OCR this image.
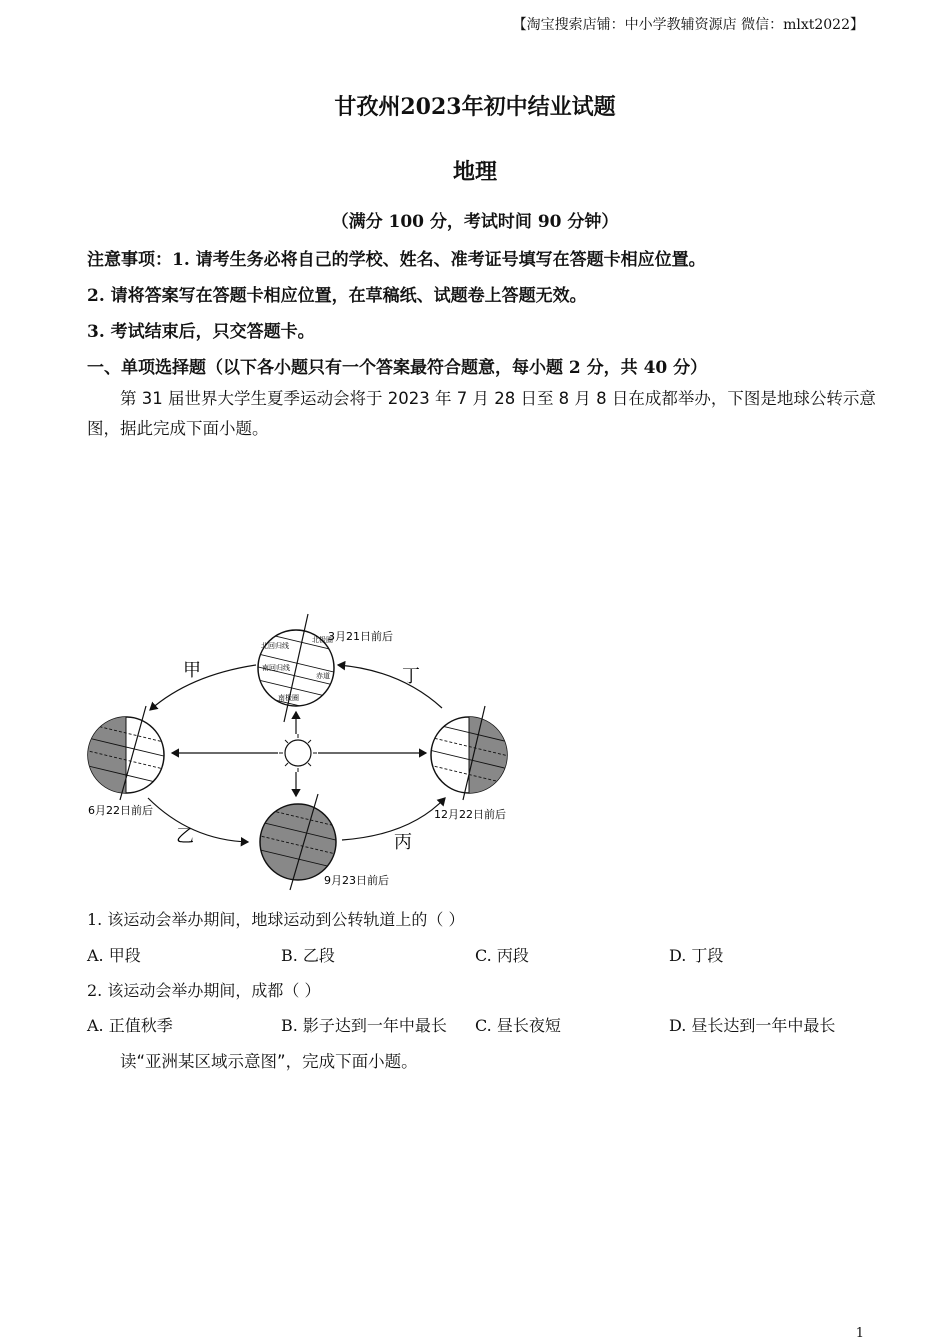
【淘宝搜索店铺：中小学教辅资源店 微信：mlxt2022】
甘孜州2023年初中结业试题
地理
（满分 100 分，考试时间 90 分钟）
注意事项：1. 请考生务必将自己的学校、姓名、准考证号填写在答题卡相应位置。
2. 请将答案写在答题卡相应位置，在草稿纸、试题卷上答题无效。
3. 考试结束后，只交答题卡。
一、单项选择题（以下各小题只有一个答案最符合题意，每小题 2 分，共 40 分）
第 31 届世界大学生夏季运动会将于 2023 年 7 月 28 日至 8 月 8 日在成都举办，下图是地球公转示意图，据此完成下面小题。
北回归线
北极圈
南回归线
赤道
南极圈
3月21日前后
6月22日前后	12月22日前后
9月23日前后
甲
乙	丙
丁
1. 该运动会举办期间，地球运动到公转轨道上的（ ）
A. 甲段	B. 乙段	C. 丙段	D. 丁段
2. 该运动会举办期间，成都（ ）
A. 正值秋季	B. 影子达到一年中最长 C. 昼长夜短	D. 昼长达到一年中最长
读“亚洲某区域示意图”，完成下面小题。
1
